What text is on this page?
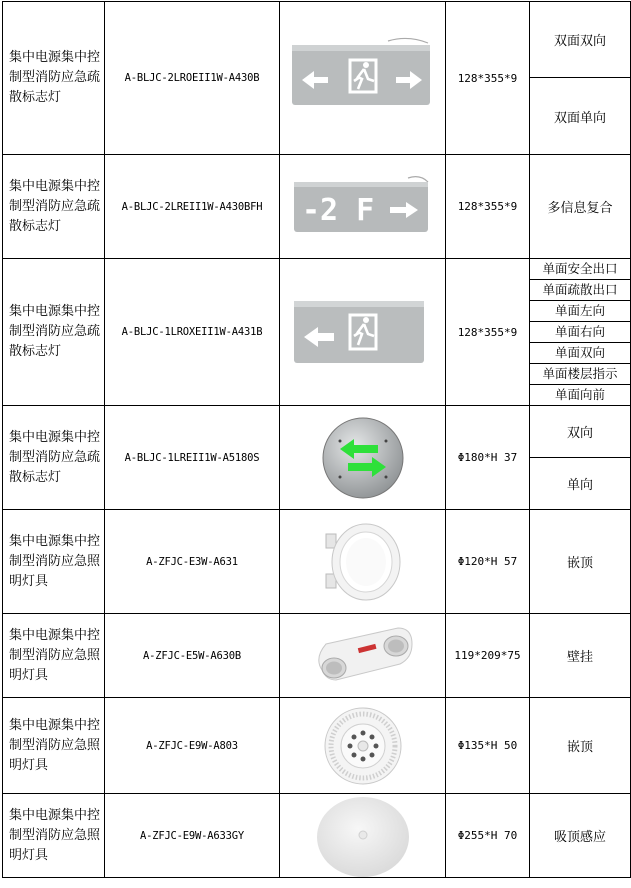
集中电源集中控制型消防应急疏散标志灯	A-BLJC-2LROEII1W-A430B		128*355*9	双面双向
				双面单向
集中电源集中控制型消防应急疏散标志灯	A-BLJC-2LREII1W-A430BFH	-2 F	128*355*9	多信息复合
集中电源集中控制型消防应急疏散标志灯	A-BLJC-1LROXEII1W-A431B		128*355*9	单面安全出口
				单面疏散出口
				单面左向
				单面右向
				单面双向
				单面楼层指示
				单面向前
集中电源集中控制型消防应急疏散标志灯	A-BLJC-1LREII1W-A5180S		Φ180*H 37	双向
				单向
集中电源集中控制型消防应急照明灯具	A-ZFJC-E3W-A631		Φ120*H 57	嵌顶
集中电源集中控制型消防应急照明灯具	A-ZFJC-E5W-A630B		119*209*75	壁挂
集中电源集中控制型消防应急照明灯具	A-ZFJC-E9W-A803		Φ135*H 50	嵌顶
集中电源集中控制型消防应急照明灯具	A-ZFJC-E9W-A633GY		Φ255*H 70	吸顶感应
